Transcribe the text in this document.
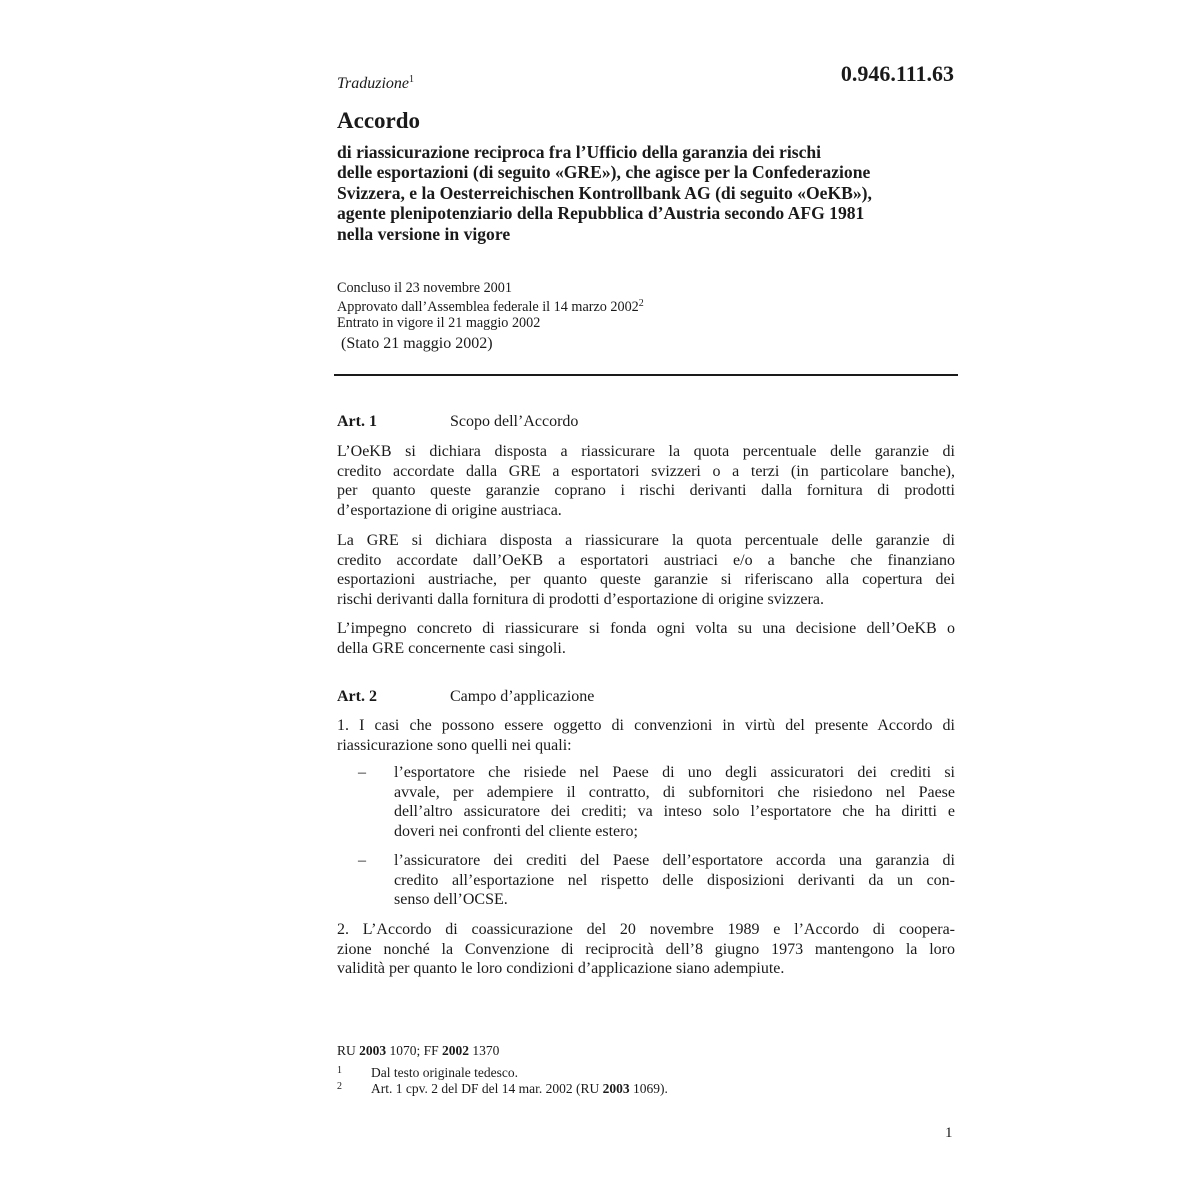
Traduzione$^1$	0.946.111.63
Accordo
di riassicurazione reciproca fra l’Ufficio della garanzia dei rischi
delle esportazioni (di seguito «GRE»), che agisce per la Confederazione
Svizzera, e la Oesterreichischen Kontrollbank AG (di seguito «OeKB»),
agente plenipotenziario della Repubblica d’Austria secondo AFG 1981
nella versione in vigore
Concluso il 23 novembre 2001
Approvato dall’Assemblea federale il 14 marzo 2002$^2$
Entrato in vigore il 21 maggio 2002
(Stato 21 maggio 2002)
Art. 1	Scopo dell’Accordo
L’OeKB si dichiara disposta a riassicurare la quota percentuale delle garanzie di
credito accordate dalla GRE a esportatori svizzeri o a terzi (in particolare banche),
per quanto queste garanzie coprano i rischi derivanti dalla fornitura di prodotti
d’esportazione di origine austriaca.
La GRE si dichiara disposta a riassicurare la quota percentuale delle garanzie di
credito accordate dall’OeKB a esportatori austriaci e/o a banche che finanziano
esportazioni austriache, per quanto queste garanzie si riferiscano alla copertura dei
rischi derivanti dalla fornitura di prodotti d’esportazione di origine svizzera.
L’impegno concreto di riassicurare si fonda ogni volta su una decisione dell’OeKB o
della GRE concernente casi singoli.
Art. 2	Campo d’applicazione
1. I casi che possono essere oggetto di convenzioni in virtù del presente Accordo di
riassicurazione sono quelli nei quali:
– l’esportatore che risiede nel Paese di uno degli assicuratori dei crediti si
avvale, per adempiere il contratto, di subfornitori che risiedono nel Paese
dell’altro assicuratore dei crediti; va inteso solo l’esportatore che ha diritti e
doveri nei confronti del cliente estero;
– l’assicuratore dei crediti del Paese dell’esportatore accorda una garanzia di
credito all’esportazione nel rispetto delle disposizioni derivanti da un con-
senso dell’OCSE.
2. L’Accordo di coassicurazione del 20 novembre 1989 e l’Accordo di coopera-
zione nonché la Convenzione di reciprocità dell’8 giugno 1973 mantengono la loro
validità per quanto le loro condizioni d’applicazione siano adempiute.
RU 2003 1070; FF 2002 1370
1 Dal testo originale tedesco.
2 Art. 1 cpv. 2 del DF del 14 mar. 2002 (RU 2003 1069).
1
